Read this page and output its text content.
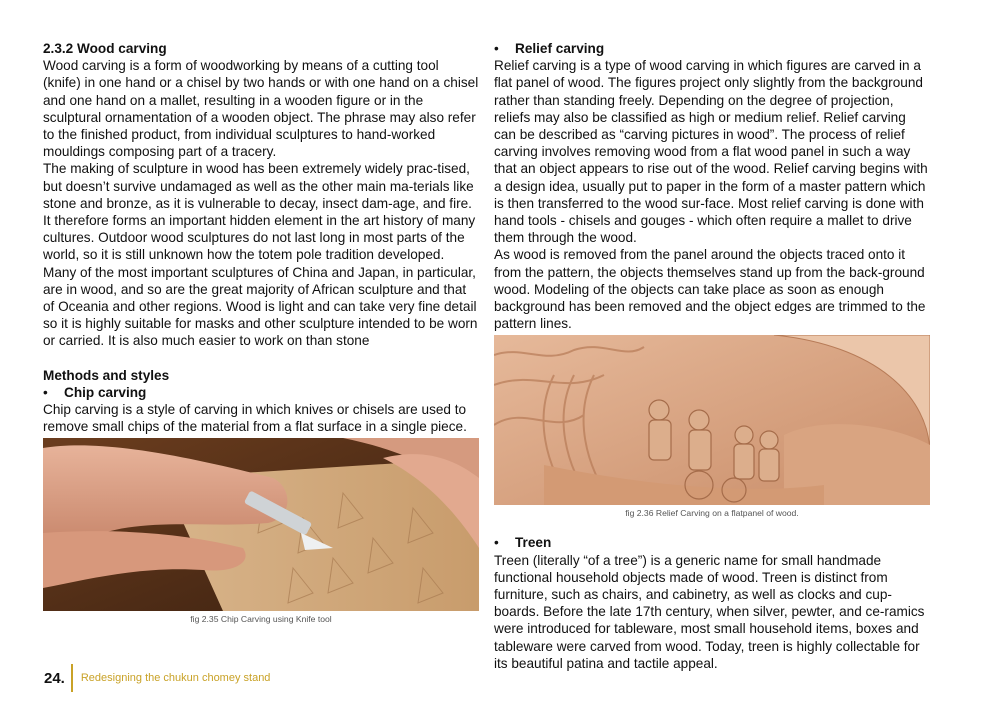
2.3.2 Wood carving

Wood carving is a form of woodworking by means of a cutting tool (knife) in one hand or a chisel by two hands or with one hand on a chisel and one hand on a mallet, resulting in a wooden figure or in the sculptural ornamentation of a wooden object. The phrase may also refer to the finished product, from individual sculptures to hand-worked mouldings composing part of a tracery.

The making of sculpture in wood has been extremely widely prac-tised, but doesn’t survive undamaged as well as the other main ma-terials like stone and bronze, as it is vulnerable to decay, insect dam-age, and fire. It therefore forms an important hidden element in the art history of many cultures. Outdoor wood sculptures do not last long in most parts of the world, so it is still unknown how the totem pole tradition developed. Many of the most important sculptures of China and Japan, in particular, are in wood, and so are the great majority of African sculpture and that of Oceania and other regions. Wood is light and can take very fine detail so it is highly suitable for masks and other sculpture intended to be worn or carried. It is also much easier to work on than stone

Methods and styles
• Chip carving

Chip carving is a style of carving in which knives or chisels are used to remove small chips of the material from a flat surface in a single piece.

fig 2.35 Chip Carving using Knife tool
• Relief carving

Relief carving is a type of wood carving in which figures are carved in a flat panel of wood. The figures project only slightly from the background rather than standing freely. Depending on the degree of projection, reliefs may also be classified as high or medium relief. Relief carving can be described as “carving pictures in wood”. The process of relief carving involves removing wood from a flat wood panel in such a way that an object appears to rise out of the wood. Relief carving begins with a design idea, usually put to paper in the form of a master pattern which is then transferred to the wood sur-face. Most relief carving is done with hand tools - chisels and gouges - which often require a mallet to drive them through the wood.

As wood is removed from the panel around the objects traced onto it from the pattern, the objects themselves stand up from the back-ground wood. Modeling of the objects can take place as soon as enough background has been removed and the object edges are trimmed to the pattern lines.

fig 2.36 Relief Carving on a flatpanel of wood.
• Treen

Treen (literally “of a tree”) is a generic name for small handmade functional household objects made of wood. Treen is distinct from furniture, such as chairs, and cabinetry, as well as clocks and cup-boards. Before the late 17th century, when silver, pewter, and ce-ramics were introduced for tableware, most small household items, boxes and tableware were carved from wood. Today, treen is highly collectable for its beautiful patina and tactile appeal.

24.	Redesigning the chukun chomey stand
